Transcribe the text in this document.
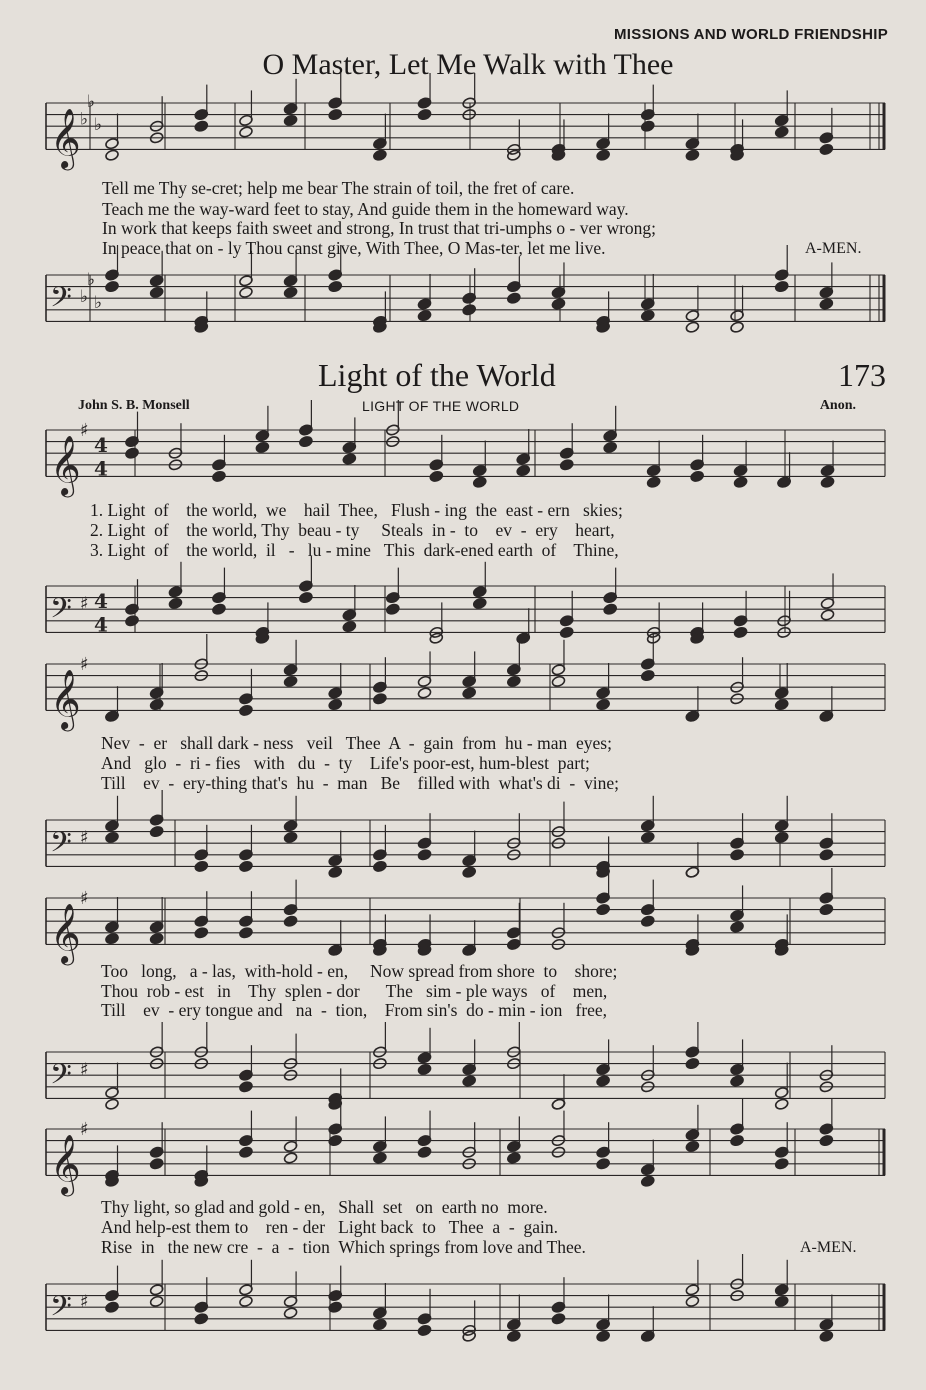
MISSIONS AND WORLD FRIENDSHIP
O Master, Let Me Walk with Thee
Light of the World	173
John S. B. Monsell	LIGHT OF THE WORLD	Anon.
𝄞 ♭
♭
♭
𝄢 ♭
♭
♭
𝄞
♯
4
4
𝄢 ♯ 4
4
𝄞
♯
𝄢 ♯
𝄞
♯
𝄢 ♯
𝄞
♯
𝄢 ♯
Tell me Thy se-cret; help me bear The strain of toil, the fret of care.
Teach me the way-ward feet to stay, And guide them in the homeward way.
In work that keeps faith sweet and strong, In trust that tri-umphs o - ver wrong;
In peace that on - ly Thou canst give, With Thee, O Mas-ter, let me live.	A-MEN.
1. Light  of    the world,  we    hail  Thee,   Flush - ing  the  east - ern   skies;
2. Light  of    the world, Thy  beau - ty     Steals  in -  to    ev  -  ery    heart,
3. Light  of    the world,  il   -   lu - mine   This  dark-ened earth  of    Thine,
Nev  -  er   shall dark - ness   veil   Thee  A  -  gain  from  hu - man  eyes;
And   glo  -  ri - fies   with   du  -  ty    Life's poor-est, hum-blest  part;
Till    ev  -  ery-thing that's  hu  -  man   Be    filled with  what's di  -  vine;
Too   long,   a - las,  with-hold - en,     Now spread from shore  to    shore;
Thou  rob - est   in    Thy  splen - dor      The   sim - ple ways   of    men,
Till    ev  - ery tongue and   na  -  tion,    From sin's  do - min - ion   free,
Thy light, so glad and gold - en,   Shall  set   on  earth no  more.
And help-est them to    ren - der   Light back  to   Thee  a  -  gain.
Rise  in   the new cre  -  a  -  tion  Which springs from love and Thee.	A-MEN.
